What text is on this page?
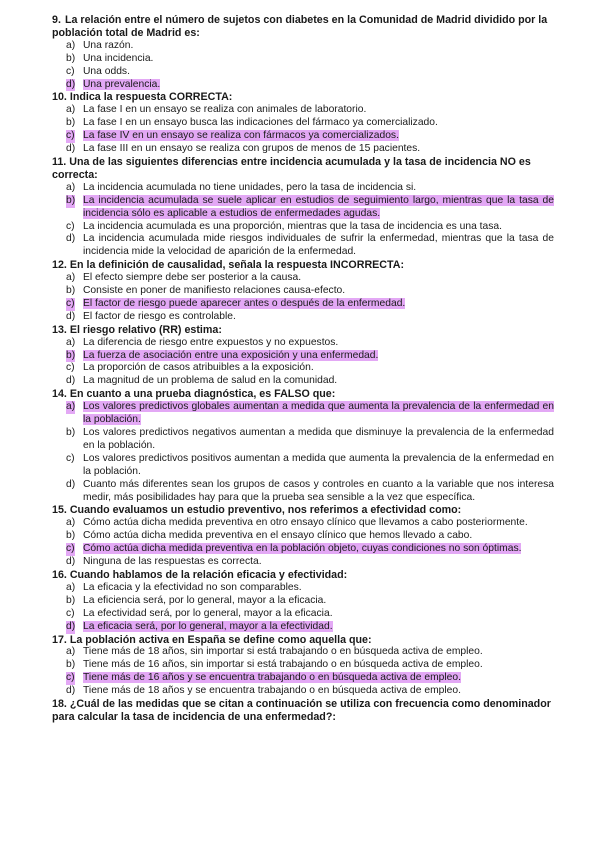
9. La relación entre el número de sujetos con diabetes en la Comunidad de Madrid dividido por la población total de Madrid es:

a) Una razón.
b) Una incidencia.
c) Una odds.
d) Una prevalencia.

10. Indica la respuesta CORRECTA:

a) La fase I en un ensayo se realiza con animales de laboratorio.
b) La fase I en un ensayo busca las indicaciones del fármaco ya comercializado.
c) La fase IV en un ensayo se realiza con fármacos ya comercializados.
d) La fase III en un ensayo se realiza con grupos de menos de 15 pacientes.

11. Una de las siguientes diferencias entre incidencia acumulada y la tasa de incidencia NO es correcta:

a) La incidencia acumulada no tiene unidades, pero la tasa de incidencia si.
b) La incidencia acumulada se suele aplicar en estudios de seguimiento largo, mientras que la tasa de incidencia sólo es aplicable a estudios de enfermedades agudas.
c) La incidencia acumulada es una proporción, mientras que la tasa de incidencia es una tasa.
d) La incidencia acumulada mide riesgos individuales de sufrir la enfermedad, mientras que la tasa de incidencia mide la velocidad de aparición de la enfermedad.

12. En la definición de causalidad, señala la respuesta INCORRECTA:

a) El efecto siempre debe ser posterior a la causa.
b) Consiste en poner de manifiesto relaciones causa-efecto.
c) El factor de riesgo puede aparecer antes o después de la enfermedad.
d) El factor de riesgo es controlable.

13. El riesgo relativo (RR) estima:

a) La diferencia de riesgo entre expuestos y no expuestos.
b) La fuerza de asociación entre una exposición y una enfermedad.
c) La proporción de casos atribuibles a la exposición.
d) La magnitud de un problema de salud en la comunidad.

14. En cuanto a una prueba diagnóstica, es FALSO que:

a) Los valores predictivos globales aumentan a medida que aumenta la prevalencia de la enfermedad en la población.
b) Los valores predictivos negativos aumentan a medida que disminuye la prevalencia de la enfermedad en la población.
c) Los valores predictivos positivos aumentan a medida que aumenta la prevalencia de la enfermedad en la población.
d) Cuanto más diferentes sean los grupos de casos y controles en cuanto a la variable que nos interesa medir, más posibilidades hay para que la prueba sea sensible a la vez que específica.

15. Cuando evaluamos un estudio preventivo, nos referimos a efectividad como:

a) Cómo actúa dicha medida preventiva en otro ensayo clínico que llevamos a cabo posteriormente.
b) Cómo actúa dicha medida preventiva en el ensayo clínico que hemos llevado a cabo.
c) Cómo actúa dicha medida preventiva en la población objeto, cuyas condiciones no son óptimas.
d) Ninguna de las respuestas es correcta.

16. Cuando hablamos de la relación eficacia y efectividad:

a) La eficacia y la efectividad no son comparables.
b) La eficiencia será, por lo general, mayor a la eficacia.
c) La efectividad será, por lo general, mayor a la eficacia.
d) La eficacia será, por lo general, mayor a la efectividad.

17. La población activa en España se define como aquella que:

a) Tiene más de 18 años, sin importar si está trabajando o en búsqueda activa de empleo.
b) Tiene más de 16 años, sin importar si está trabajando o en búsqueda activa de empleo.
c) Tiene más de 16 años y se encuentra trabajando o en búsqueda activa de empleo.
d) Tiene más de 18 años y se encuentra trabajando o en búsqueda activa de empleo.

18. ¿Cuál de las medidas que se citan a continuación se utiliza con frecuencia como denominador para calcular la tasa de incidencia de una enfermedad?:
